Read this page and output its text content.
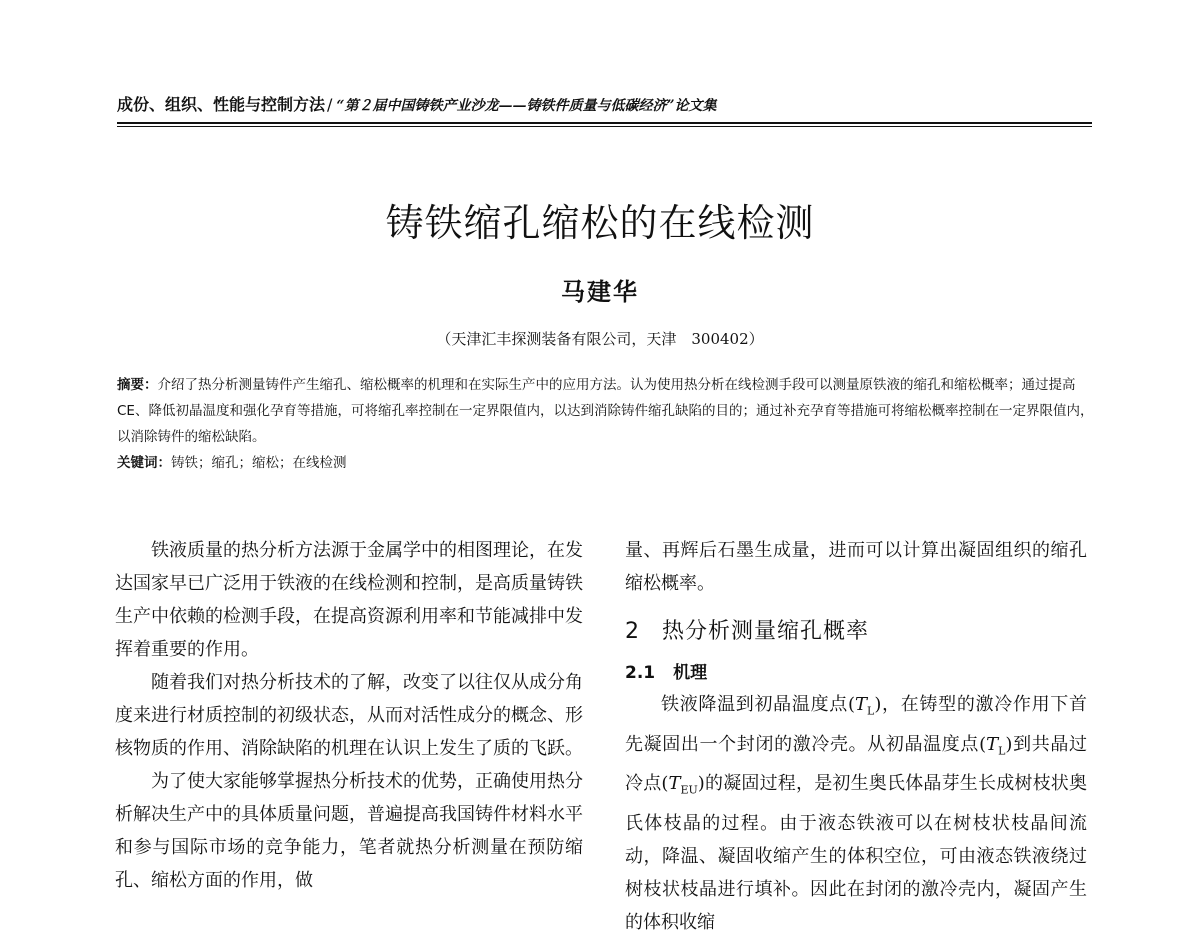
成份、组织、性能与控制方法 / “第２届中国铸铁产业沙龙——铸铁件质量与低碳经济”论文集
铸铁缩孔缩松的在线检测
马建华
（天津汇丰探测装备有限公司，天津　300402）

摘要：介绍了热分析测量铸件产生缩孔、缩松概率的机理和在实际生产中的应用方法。认为使用热分析在线检测手段可以测量原铁液的缩孔和缩松概率；通过提高 CE、降低初晶温度和强化孕育等措施，可将缩孔率控制在一定界限值内，以达到消除铸件缩孔缺陷的目的；通过补充孕育等措施可将缩松概率控制在一定界限值内，以消除铸件的缩松缺陷。

关键词：铸铁；缩孔；缩松；在线检测

铁液质量的热分析方法源于金属学中的相图理论，在发达国家早已广泛用于铁液的在线检测和控制，是高质量铸铁生产中依赖的检测手段，在提高资源利用率和节能减排中发挥着重要的作用。

随着我们对热分析技术的了解，改变了以往仅从成分角度来进行材质控制的初级状态，从而对活性成分的概念、形核物质的作用、消除缺陷的机理在认识上发生了质的飞跃。

为了使大家能够掌握热分析技术的优势，正确使用热分析解决生产中的具体质量问题，普遍提高我国铸件材料水平和参与国际市场的竞争能力，笔者就热分析测量在预防缩孔、缩松方面的作用，做

量、再辉后石墨生成量，进而可以计算出凝固组织的缩孔缩松概率。

2 热分析测量缩孔概率
2.1 机理

铁液降温到初晶温度点$(T_L)$，在铸型的激冷作用下首先凝固出一个封闭的激冷壳。从初晶温度点$(T_L)$到共晶过冷点$(T_{EU})$的凝固过程，是初生奥氏体晶芽生长成树枝状奥氏体枝晶的过程。由于液态铁液可以在树枝状枝晶间流动，降温、凝固收缩产生的体积空位，可由液态铁液绕过树枝状枝晶进行填补。因此在封闭的激冷壳内，凝固产生的体积收缩
